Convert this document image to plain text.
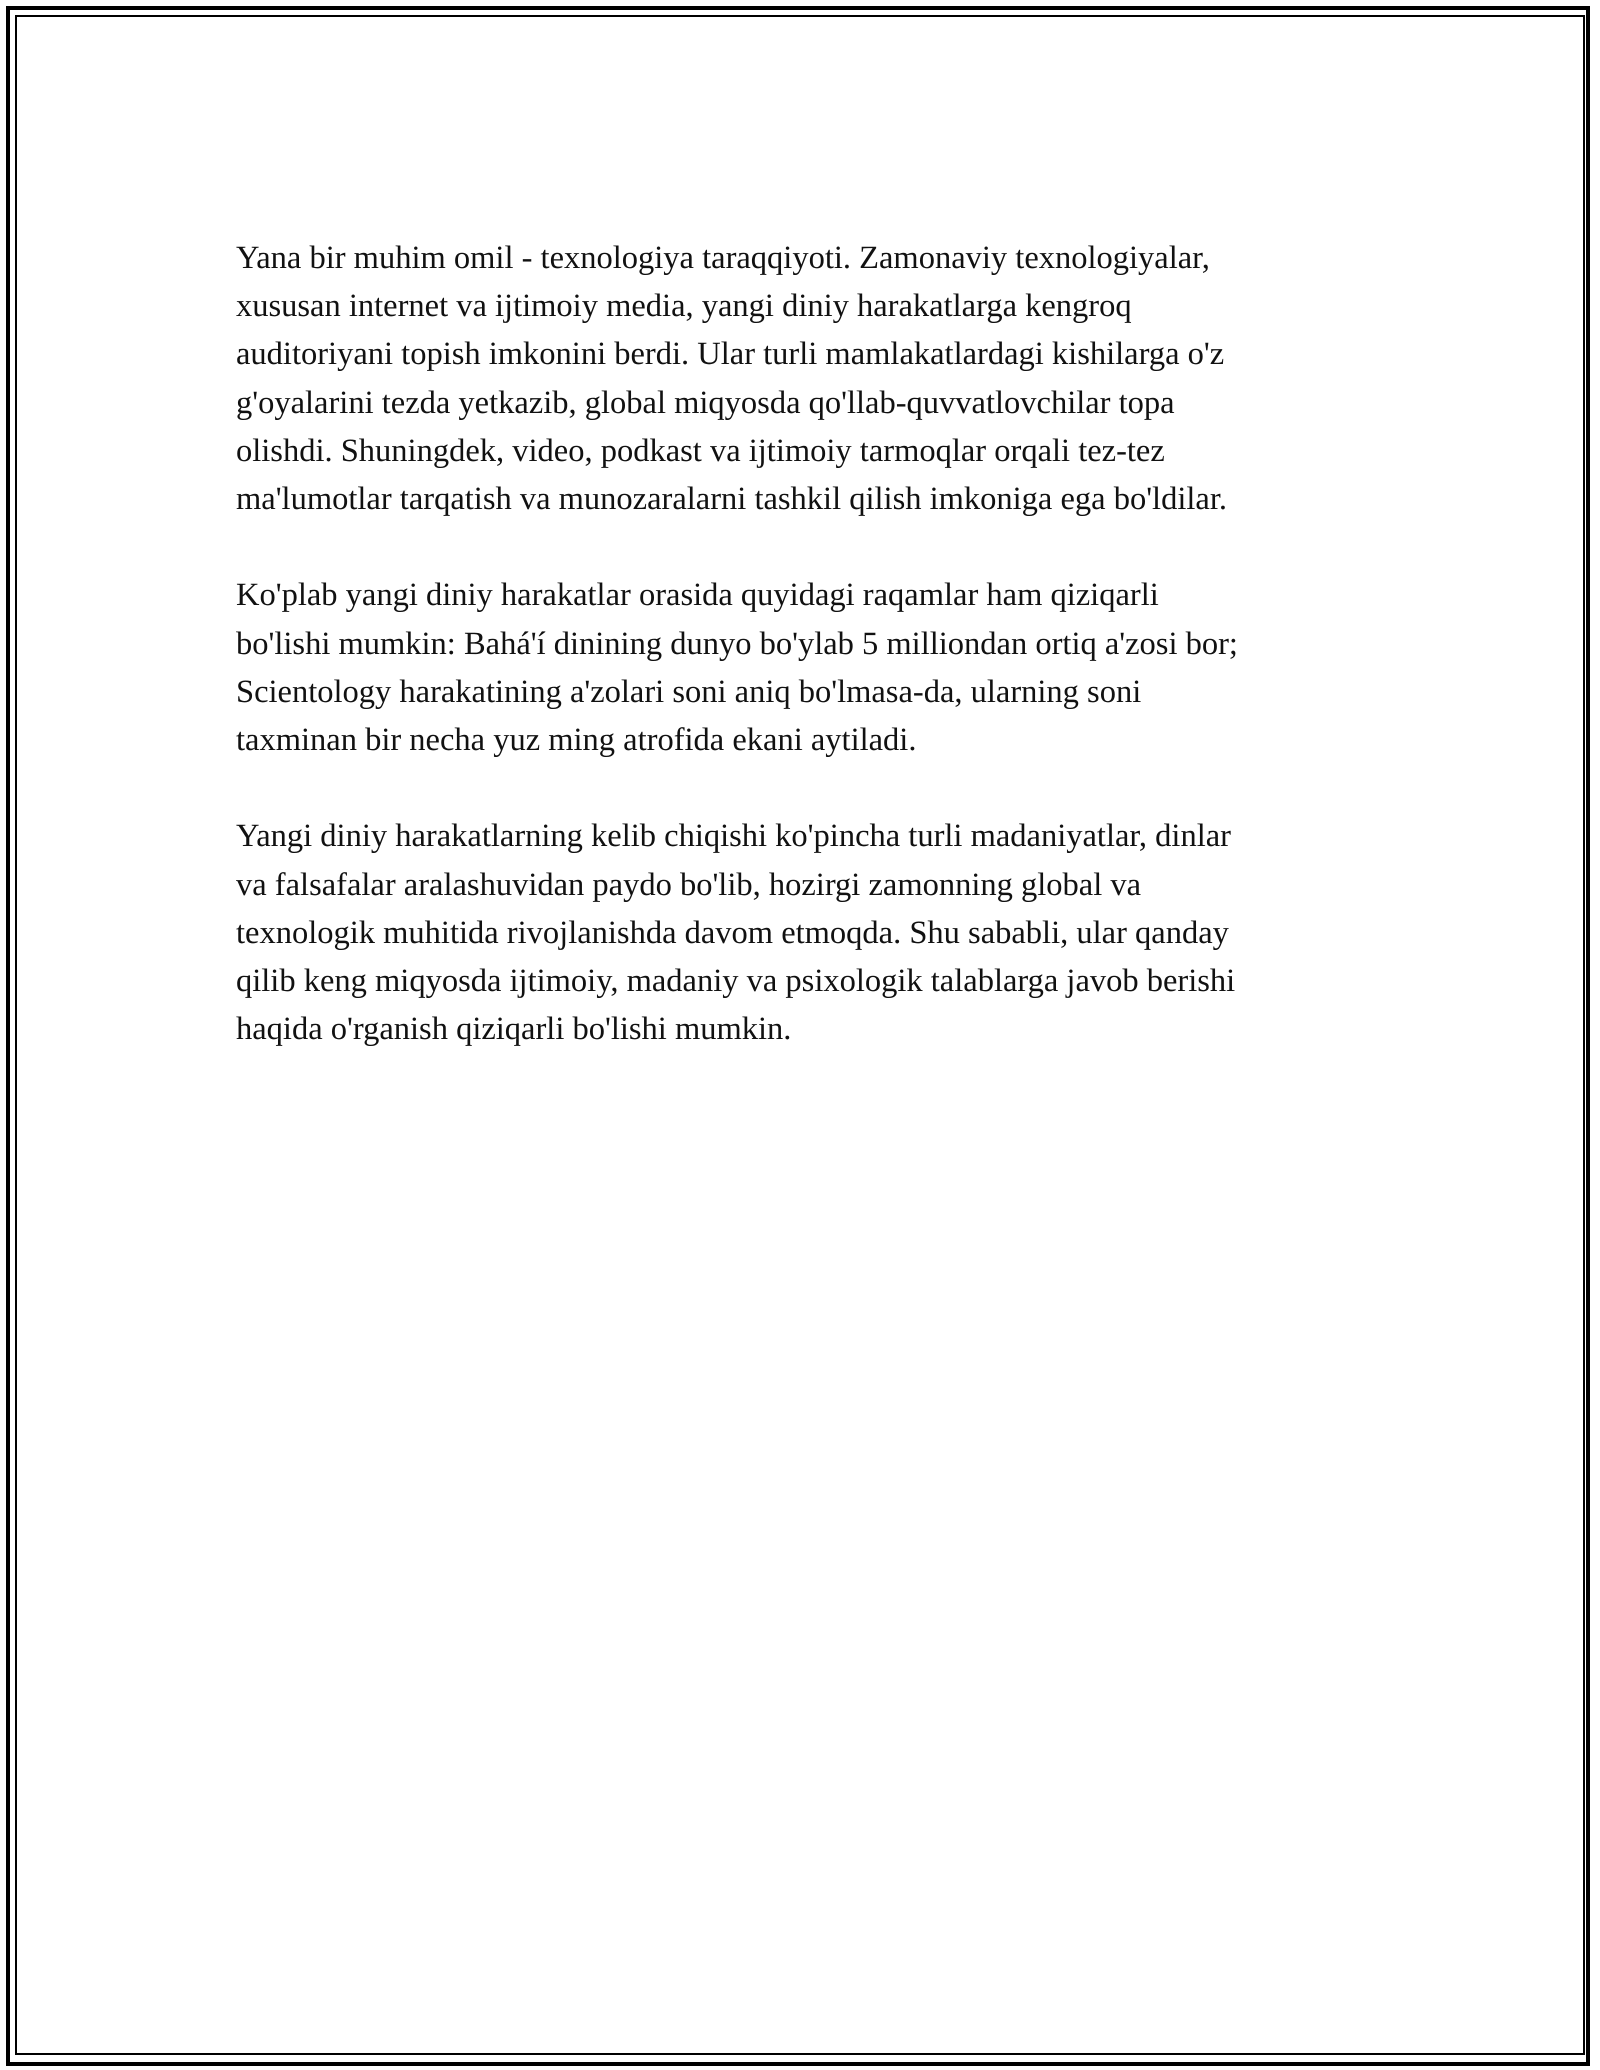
Yana bir muhim omil - texnologiya taraqqiyoti. Zamonaviy texnologiyalar,
xususan internet va ijtimoiy media, yangi diniy harakatlarga kengroq
auditoriyani topish imkonini berdi. Ular turli mamlakatlardagi kishilarga o'z
g'oyalarini tezda yetkazib, global miqyosda qo'llab-quvvatlovchilar topa
olishdi. Shuningdek, video, podkast va ijtimoiy tarmoqlar orqali tez-tez
ma'lumotlar tarqatish va munozaralarni tashkil qilish imkoniga ega bo'ldilar.

Ko'plab yangi diniy harakatlar orasida quyidagi raqamlar ham qiziqarli
bo'lishi mumkin: Bahá'í dinining dunyo bo'ylab 5 milliondan ortiq a'zosi bor;
Scientology harakatining a'zolari soni aniq bo'lmasa-da, ularning soni
taxminan bir necha yuz ming atrofida ekani aytiladi.

Yangi diniy harakatlarning kelib chiqishi ko'pincha turli madaniyatlar, dinlar
va falsafalar aralashuvidan paydo bo'lib, hozirgi zamonning global va
texnologik muhitida rivojlanishda davom etmoqda. Shu sababli, ular qanday
qilib keng miqyosda ijtimoiy, madaniy va psixologik talablarga javob berishi
haqida o'rganish qiziqarli bo'lishi mumkin.
